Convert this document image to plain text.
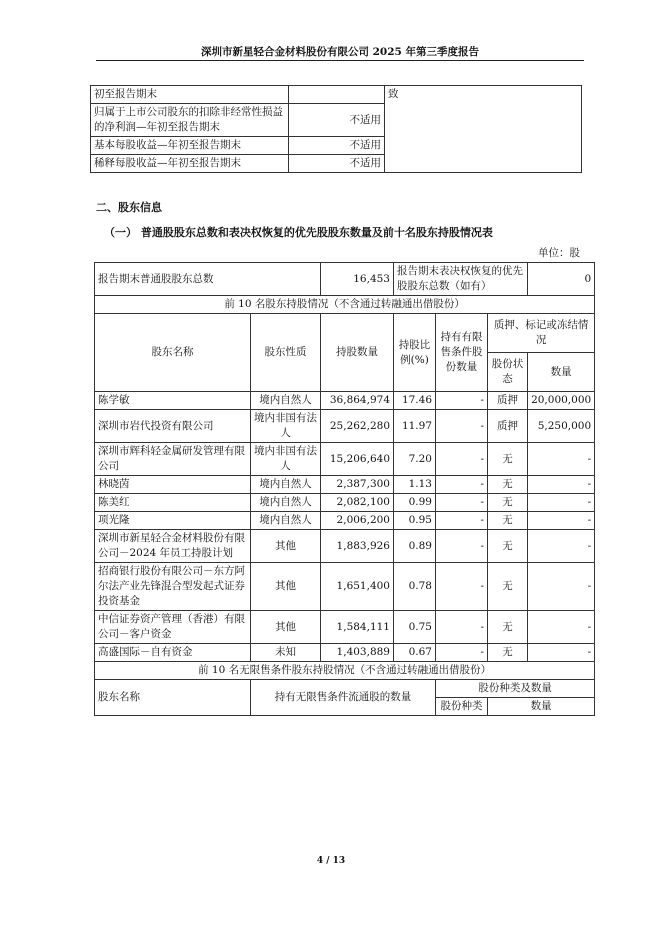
深圳市新星轻合金材料股份有限公司 2025 年第三季度报告
初至报告期末		致
归属于上市公司股东的扣除非经常性损益的净利润—年初至报告期末	不适用	
基本每股收益—年初至报告期末	不适用	
稀释每股收益—年初至报告期末	不适用	
二、股东信息
（一） 普通股股东总数和表决权恢复的优先股股东数量及前十名股东持股情况表
单位：股
报告期末普通股股东总数		16,453	报告期末表决权恢复的优先股股东总数（如有）			0
前 10 名股东持股情况（不含通过转融通出借股份）						
股东名称	股东性质	持股数量	持股比例(%)	持有有限售条件股份数量	质押、标记或冻结情况	
					股份状态	数量
陈学敏	境内自然人	36,864,974	17.46	-	质押	20,000,000
深圳市岩代投资有限公司	境内非国有法人	25,262,280	11.97	-	质押	5,250,000
深圳市辉科轻金属研发管理有限公司	境内非国有法人	15,206,640	7.20	-	无	-
林晓茵	境内自然人	2,387,300	1.13	-	无	-
陈美红	境内自然人	2,082,100	0.99	-	无	-
项光隆	境内自然人	2,006,200	0.95	-	无	-
深圳市新星轻合金材料股份有限公司－2024 年员工持股计划	其他	1,883,926	0.89	-	无	-
招商银行股份有限公司－东方阿尔法产业先锋混合型发起式证券投资基金	其他	1,651,400	0.78	-	无	-
中信证券资产管理（香港）有限公司－客户资金	其他	1,584,111	0.75	-	无	-
高盛国际－自有资金	未知	1,403,889	0.67	-	无	-
前 10 名无限售条件股东持股情况（不含通过转融通出借股份）						
股东名称	持有无限售条件流通股的数量			股份种类及数量		
				股份种类	数量	
4 / 13
